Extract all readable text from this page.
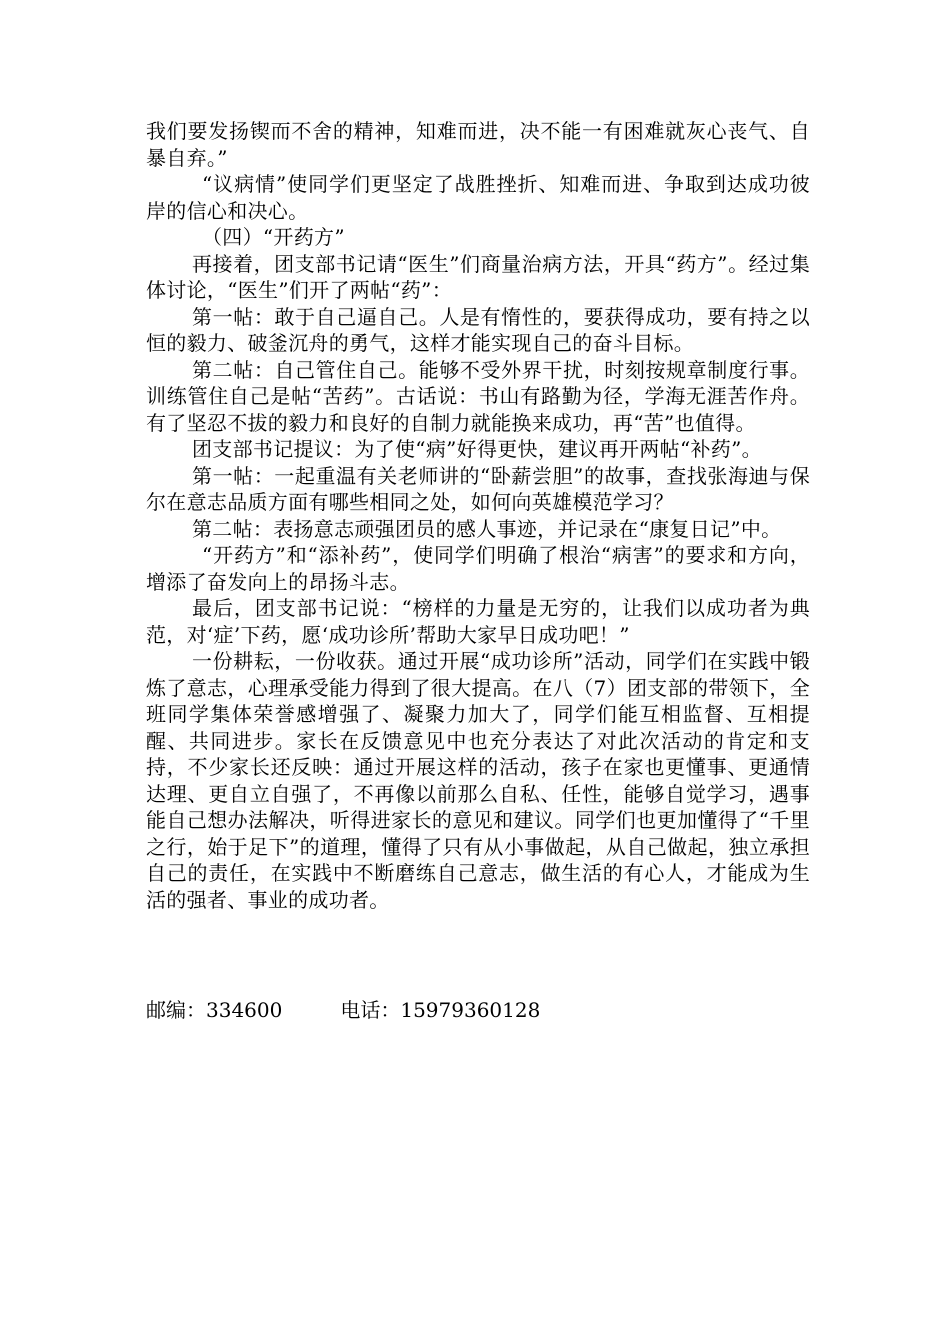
我们要发扬锲而不舍的精神，知难而进，决不能一有困难就灰心丧气、自暴自弃。”

“议病情”使同学们更坚定了战胜挫折、知难而进、争取到达成功彼岸的信心和决心。

（四）“开药方”

再接着，团支部书记请“医生”们商量治病方法，开具“药方”。经过集体讨论，“医生”们开了两帖“药”：

第一帖：敢于自己逼自己。人是有惰性的，要获得成功，要有持之以恒的毅力、破釜沉舟的勇气，这样才能实现自己的奋斗目标。

第二帖：自己管住自己。能够不受外界干扰，时刻按规章制度行事。训练管住自己是帖“苦药”。古话说：书山有路勤为径，学海无涯苦作舟。有了坚忍不拔的毅力和良好的自制力就能换来成功，再“苦”也值得。

团支部书记提议：为了使“病”好得更快，建议再开两帖“补药”。

第一帖：一起重温有关老师讲的“卧薪尝胆”的故事，查找张海迪与保尔在意志品质方面有哪些相同之处，如何向英雄模范学习？

第二帖：表扬意志顽强团员的感人事迹，并记录在“康复日记”中。

“开药方”和“添补药”，使同学们明确了根治“病害”的要求和方向，增添了奋发向上的昂扬斗志。

最后，团支部书记说：“榜样的力量是无穷的，让我们以成功者为典范，对‘症’下药，愿‘成功诊所’帮助大家早日成功吧！”

一份耕耘，一份收获。通过开展“成功诊所”活动，同学们在实践中锻炼了意志，心理承受能力得到了很大提高。在八（7）团支部的带领下，全班同学集体荣誉感增强了、凝聚力加大了，同学们能互相监督、互相提醒、共同进步。家长在反馈意见中也充分表达了对此次活动的肯定和支持，不少家长还反映：通过开展这样的活动，孩子在家也更懂事、更通情达理、更自立自强了，不再像以前那么自私、任性，能够自觉学习，遇事能自己想办法解决，听得进家长的意见和建议。同学们也更加懂得了“千里之行，始于足下”的道理，懂得了只有从小事做起，从自己做起，独立承担自己的责任，在实践中不断磨练自己意志，做生活的有心人，才能成为生活的强者、事业的成功者。

邮编：334600	电话：15979360128
